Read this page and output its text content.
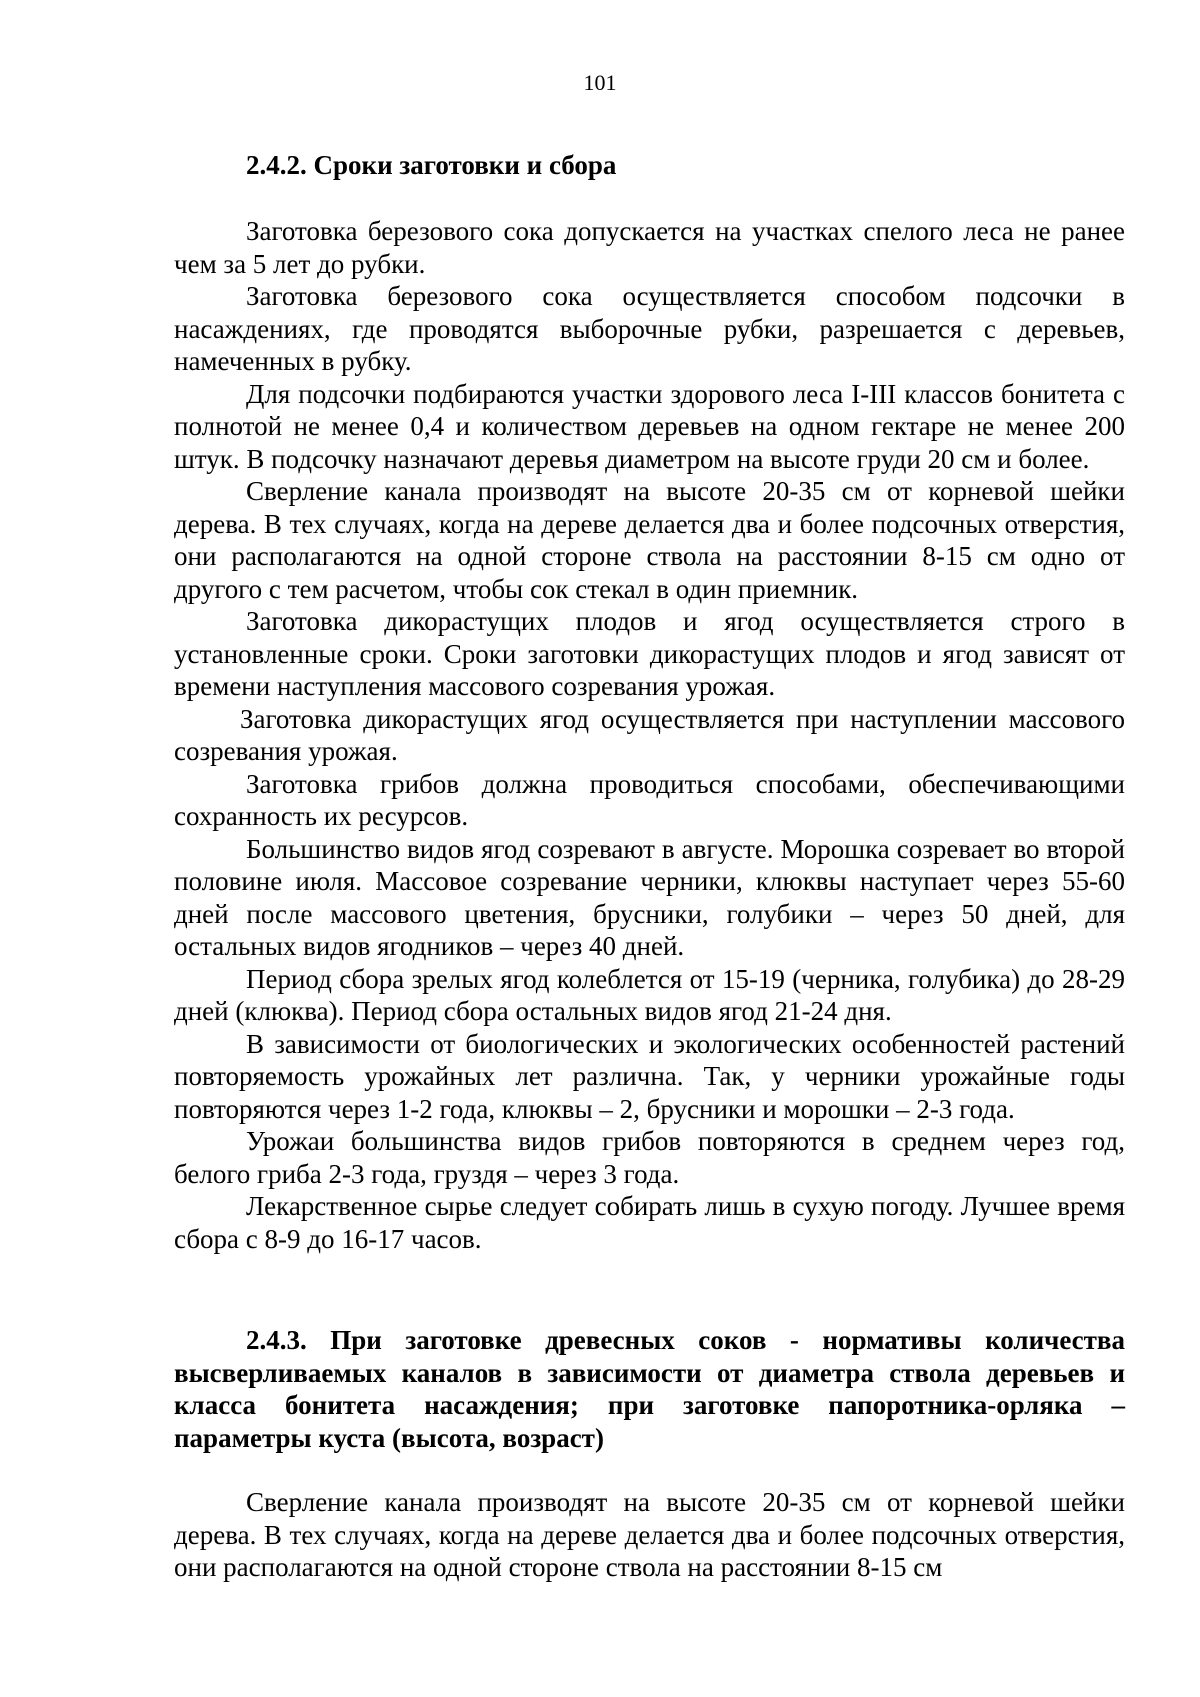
101
2.4.2. Сроки заготовки и сбора

Заготовка березового сока допускается на участках спелого леса не ранее чем за 5 лет до рубки.

Заготовка березового сока осуществляется способом подсочки в насаждениях, где проводятся выборочные рубки, разрешается с деревьев, намеченных в рубку.

Для подсочки подбираются участки здорового леса I-III классов бонитета с полнотой не менее 0,4 и количеством деревьев на одном гектаре не менее 200 штук. В подсочку назначают деревья диаметром на высоте груди 20 см и более.

Сверление канала производят на высоте 20-35 см от корневой шейки дерева. В тех случаях, когда на дереве делается два и более подсочных отверстия, они располагаются на одной стороне ствола на расстоянии 8-15 см одно от другого с тем расчетом, чтобы сок стекал в один приемник.

Заготовка дикорастущих плодов и ягод осуществляется строго в установленные сроки. Сроки заготовки дикорастущих плодов и ягод зависят от времени наступления массового созревания урожая.

Заготовка дикорастущих ягод осуществляется при наступлении массового созревания урожая.

Заготовка грибов должна проводиться способами, обеспечивающими сохранность их ресурсов.

Большинство видов ягод созревают в августе. Морошка созревает во второй половине июля. Массовое созревание черники, клюквы наступает через 55-60 дней после массового цветения, брусники, голубики – через 50 дней, для остальных видов ягодников – через 40 дней.

Период сбора зрелых ягод колеблется от 15-19 (черника, голубика) до 28-29 дней (клюква). Период сбора остальных видов ягод 21-24 дня.

В зависимости от биологических и экологических особенностей растений повторяемость урожайных лет различна. Так, у черники урожайные годы повторяются через 1-2 года, клюквы – 2, брусники и морошки – 2-3 года.

Урожаи большинства видов грибов повторяются в среднем через год, белого гриба 2-3 года, груздя – через 3 года.

Лекарственное сырье следует собирать лишь в сухую погоду. Лучшее время сбора с 8-9 до 16-17 часов.

2.4.3. При заготовке древесных соков - нормативы количества высверливаемых каналов в зависимости от диаметра ствола деревьев и класса бонитета насаждения; при заготовке папоротника-орляка – параметры куста (высота, возраст)

Сверление канала производят на высоте 20-35 см от корневой шейки дерева. В тех случаях, когда на дереве делается два и более подсочных отверстия, они располагаются на одной стороне ствола на расстоянии 8-15 см
